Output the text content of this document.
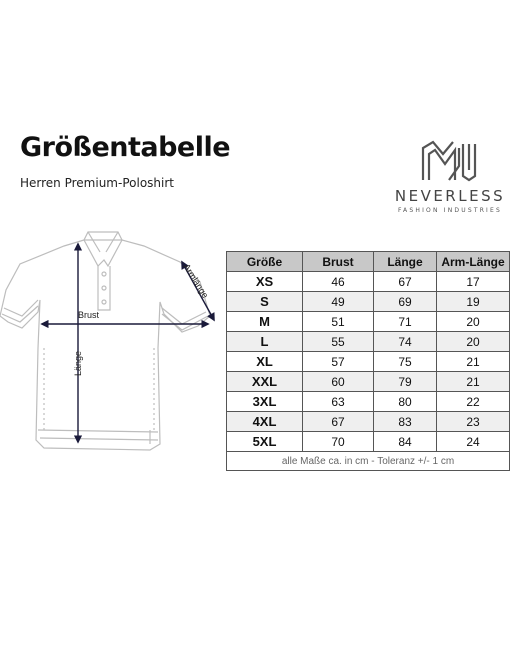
Größentabelle
Herren Premium-Poloshirt
NEVERLESS
FASHION INDUSTRIES
Brust
Länge
Armlänge
Größe	Brust	Länge	Arm-Länge
XS	46	67	17
S	49	69	19
M	51	71	20
L	55	74	20
XL	57	75	21
XXL	60	79	21
3XL	63	80	22
4XL	67	83	23
5XL	70	84	24
alle Maße ca. in cm - Toleranz +/- 1 cm			
